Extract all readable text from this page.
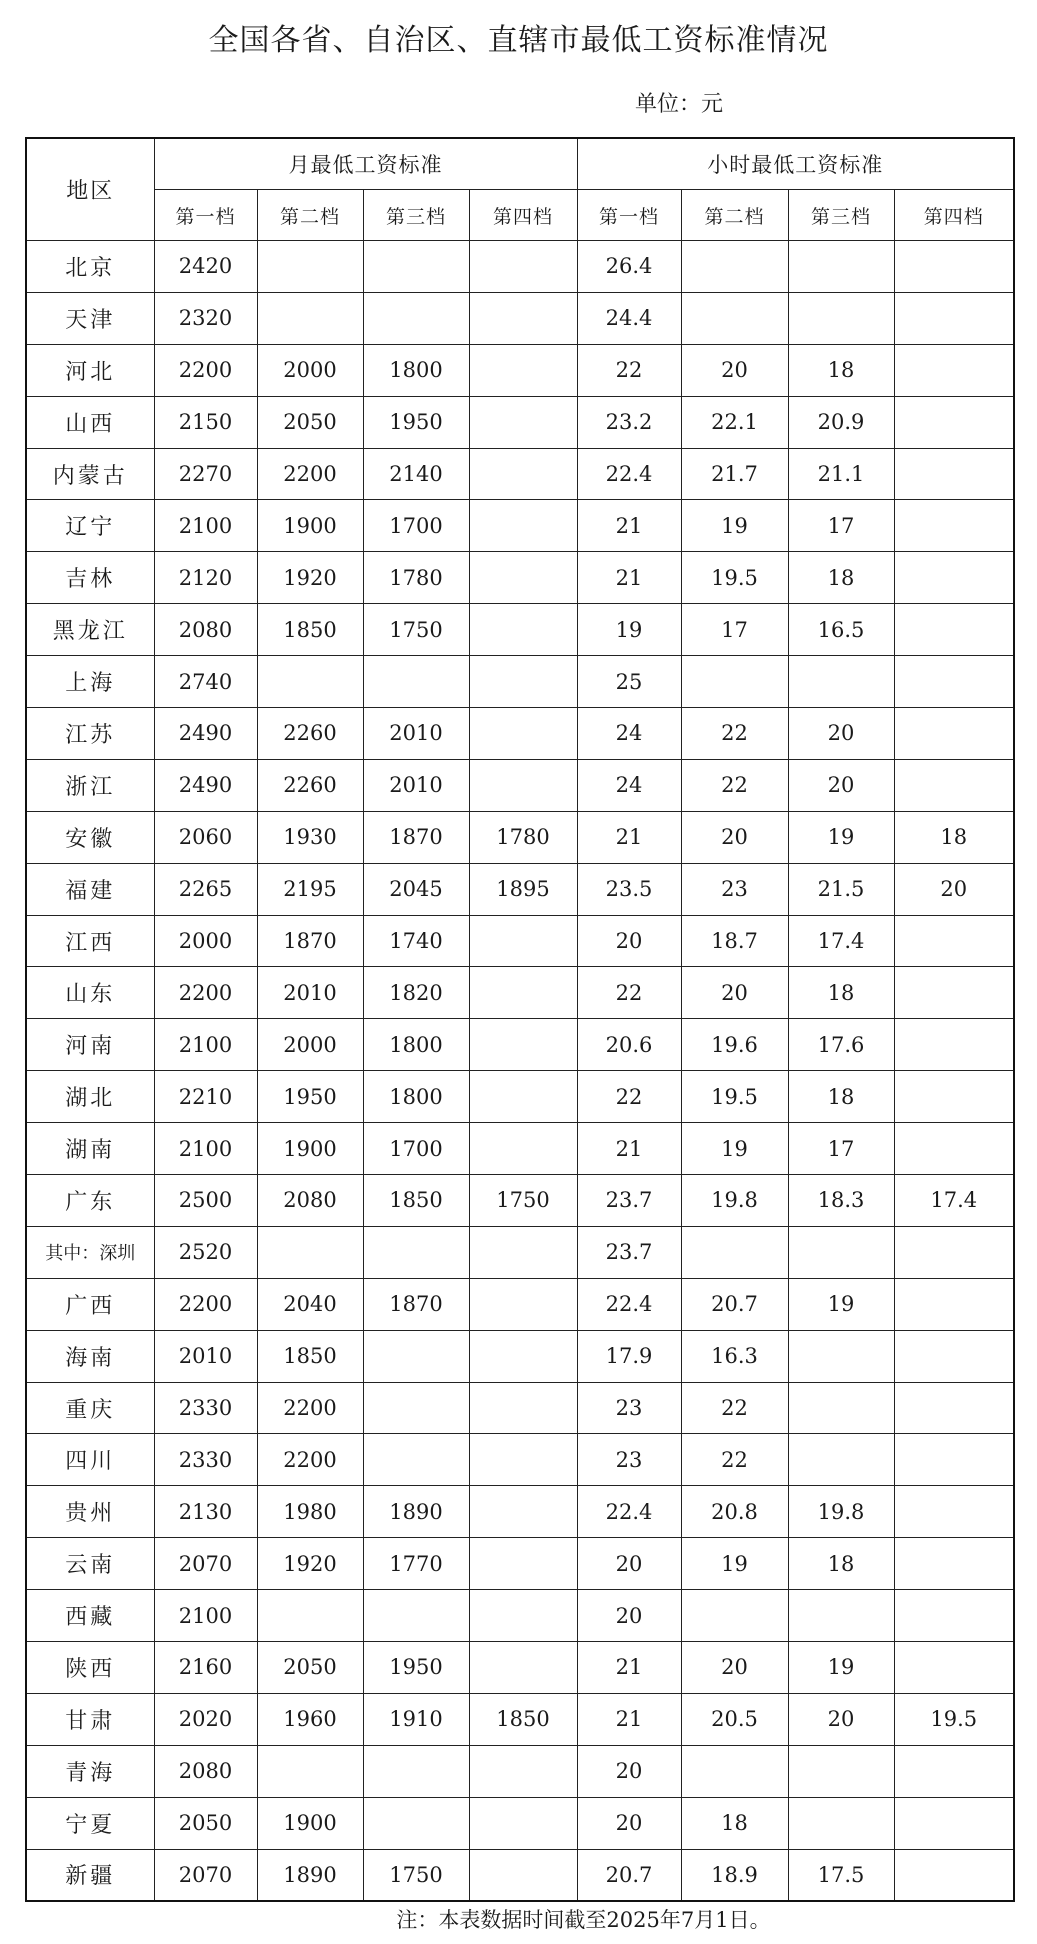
全国各省、自治区、直辖市最低工资标准情况
单位：元
地区	月最低工资标准				小时最低工资标准			
	第一档	第二档	第三档	第四档	第一档	第二档	第三档	第四档
北京	2420				26.4			
天津	2320				24.4			
河北	2200	2000	1800		22	20	18	
山西	2150	2050	1950		23.2	22.1	20.9	
内蒙古	2270	2200	2140		22.4	21.7	21.1	
辽宁	2100	1900	1700		21	19	17	
吉林	2120	1920	1780		21	19.5	18	
黑龙江	2080	1850	1750		19	17	16.5	
上海	2740				25			
江苏	2490	2260	2010		24	22	20	
浙江	2490	2260	2010		24	22	20	
安徽	2060	1930	1870	1780	21	20	19	18
福建	2265	2195	2045	1895	23.5	23	21.5	20
江西	2000	1870	1740		20	18.7	17.4	
山东	2200	2010	1820		22	20	18	
河南	2100	2000	1800		20.6	19.6	17.6	
湖北	2210	1950	1800		22	19.5	18	
湖南	2100	1900	1700		21	19	17	
广东	2500	2080	1850	1750	23.7	19.8	18.3	17.4
其中：深圳	2520				23.7			
广西	2200	2040	1870		22.4	20.7	19	
海南	2010	1850			17.9	16.3		
重庆	2330	2200			23	22		
四川	2330	2200			23	22		
贵州	2130	1980	1890		22.4	20.8	19.8	
云南	2070	1920	1770		20	19	18	
西藏	2100				20			
陕西	2160	2050	1950		21	20	19	
甘肃	2020	1960	1910	1850	21	20.5	20	19.5
青海	2080				20			
宁夏	2050	1900			20	18		
新疆	2070	1890	1750		20.7	18.9	17.5	
注：本表数据时间截至2025年7月1日。
